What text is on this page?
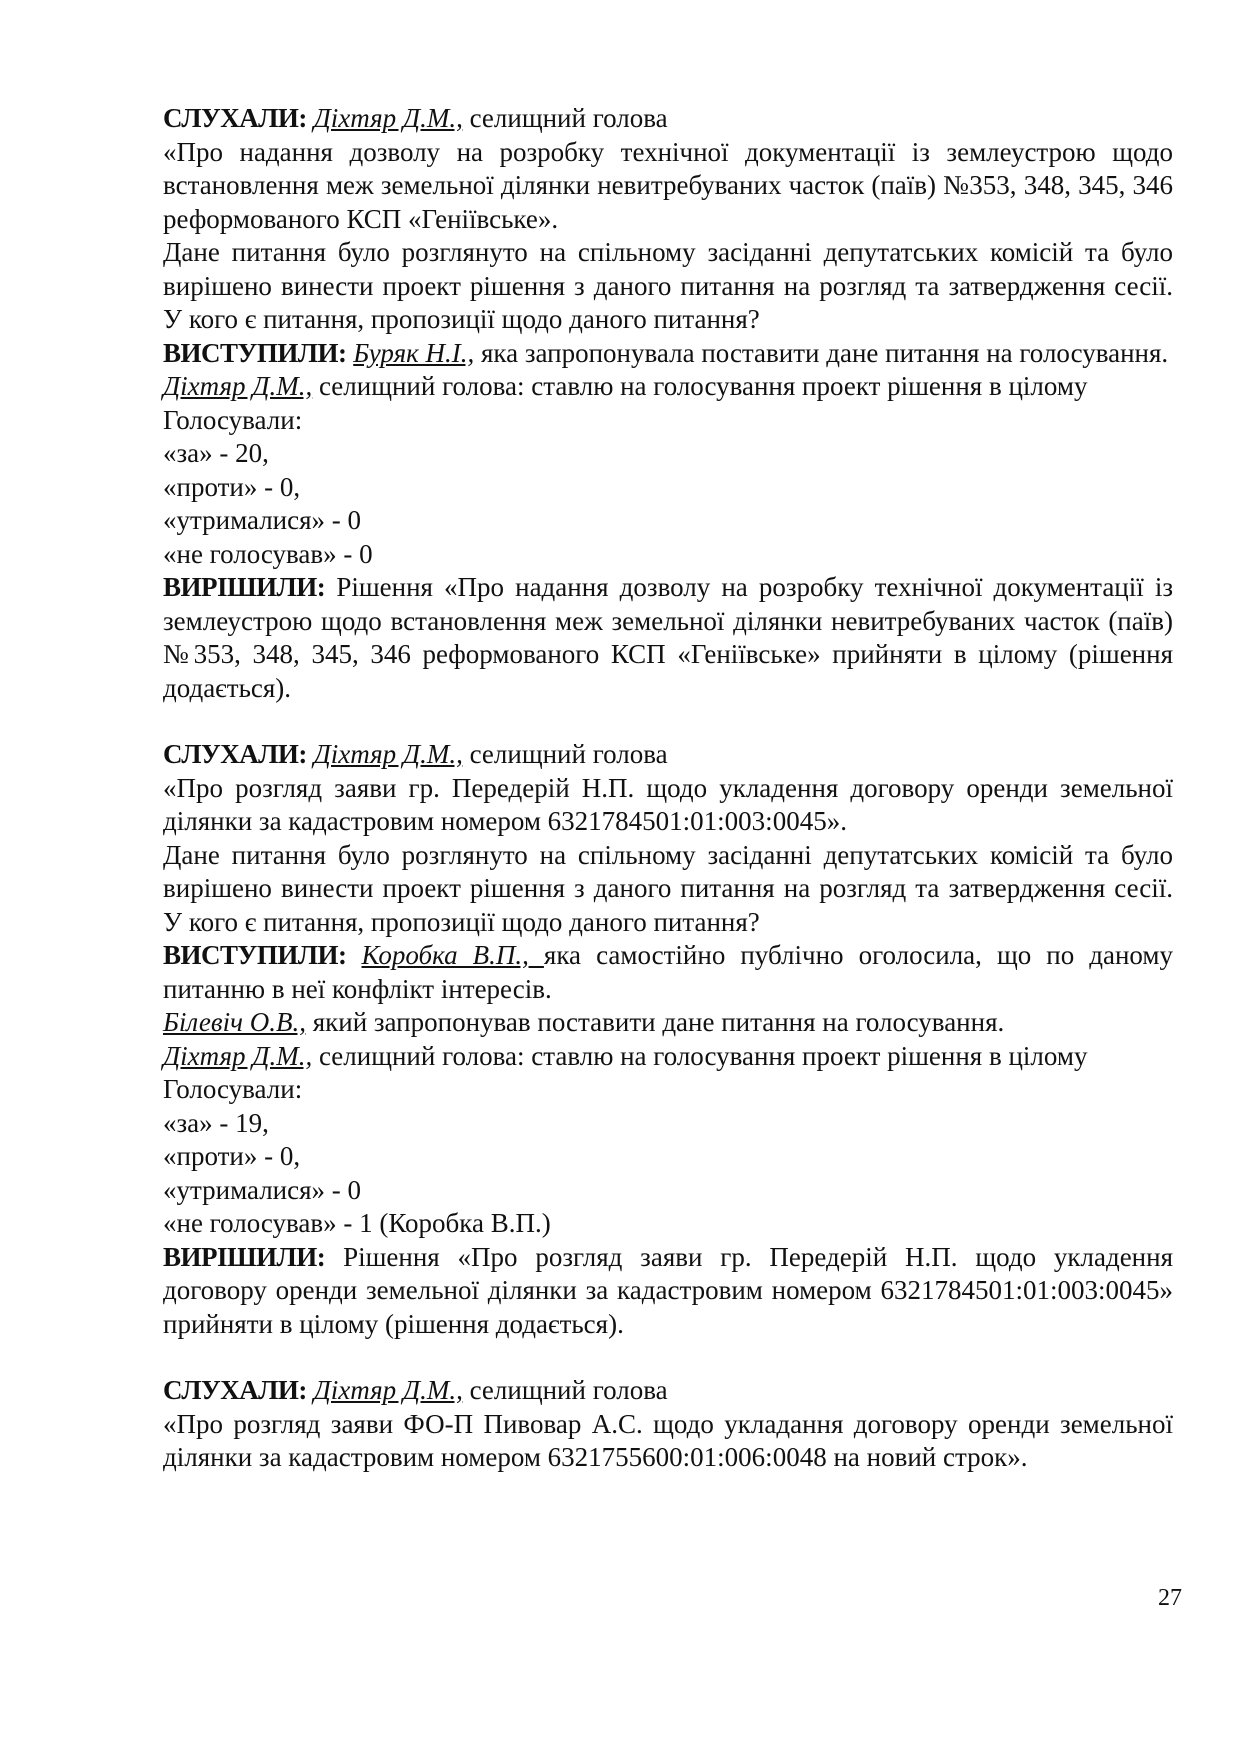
СЛУХАЛИ: Діхтяр Д.М., селищний голова

«Про надання дозволу на розробку технічної документації із землеустрою щодо встановлення меж земельної ділянки невитребуваних часток (паїв) №353, 348, 345, 346 реформованого КСП «Геніївське».

Дане питання було розглянуто на спільному засіданні депутатських комісій та було вирішено винести проект рішення з даного питання на розгляд та затвердження сесії. У кого є питання, пропозиції щодо даного питання?

ВИСТУПИЛИ: Буряк Н.І., яка запропонувала поставити дане питання на голосування.

Діхтяр Д.М., селищний голова: ставлю на голосування проект рішення в цілому

Голосували:

«за» - 20,

«проти» - 0,

«утрималися» - 0

«не голосував» - 0

ВИРІШИЛИ: Рішення «Про надання дозволу на розробку технічної документації із землеустрою щодо встановлення меж земельної ділянки невитребуваних часток (паїв) №353, 348, 345, 346 реформованого КСП «Геніївське» прийняти в цілому (рішення додається).

СЛУХАЛИ: Діхтяр Д.М., селищний голова

«Про розгляд заяви гр. Передерій Н.П. щодо укладення договору оренди земельної ділянки за кадастровим номером 6321784501:01:003:0045».

Дане питання було розглянуто на спільному засіданні депутатських комісій та було вирішено винести проект рішення з даного питання на розгляд та затвердження сесії. У кого є питання, пропозиції щодо даного питання?

ВИСТУПИЛИ: Коробка В.П., яка самостійно публічно оголосила, що по даному питанню в неї конфлікт інтересів.

Білевіч О.В., який запропонував поставити дане питання на голосування.

Діхтяр Д.М., селищний голова: ставлю на голосування проект рішення в цілому

Голосували:

«за» - 19,

«проти» - 0,

«утрималися» - 0

«не голосував» - 1 (Коробка В.П.)

ВИРІШИЛИ: Рішення «Про розгляд заяви гр. Передерій Н.П. щодо укладення договору оренди земельної ділянки за кадастровим номером 6321784501:01:003:0045» прийняти в цілому (рішення додається).

СЛУХАЛИ: Діхтяр Д.М., селищний голова

«Про розгляд заяви ФО-П Пивовар А.С. щодо укладання договору оренди земельної ділянки за кадастровим номером 6321755600:01:006:0048 на новий строк».

27
